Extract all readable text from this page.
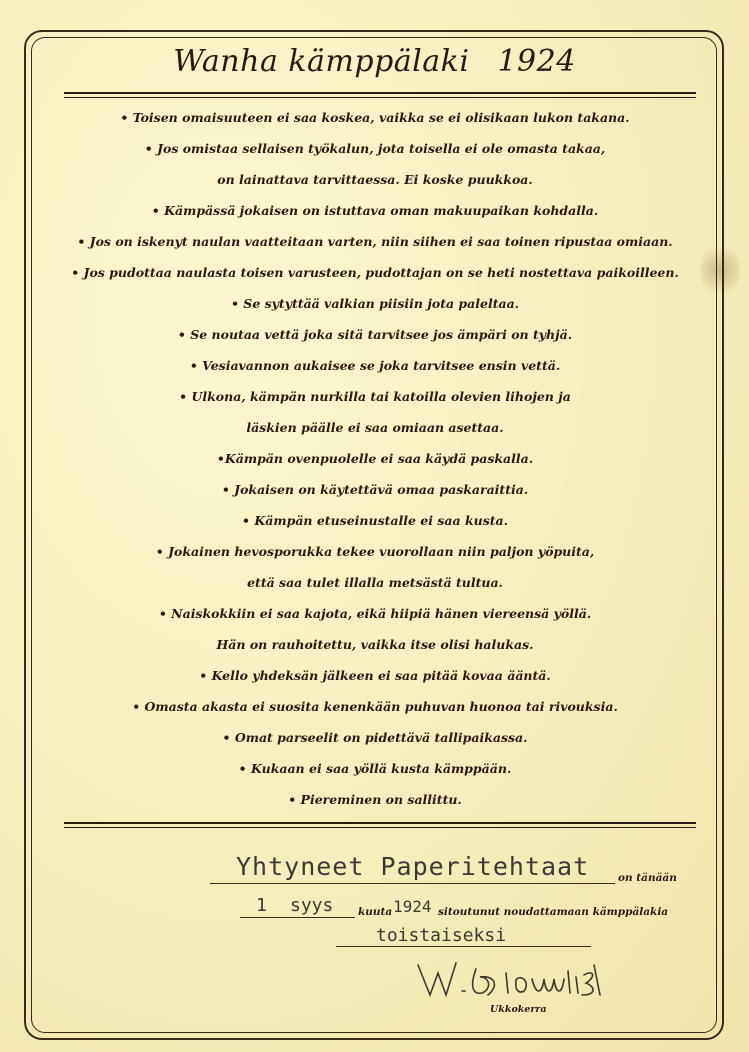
Wanha kämppälaki 1924
• Toisen omaisuuteen ei saa koskea, vaikka se ei olisikaan lukon takana.
• Jos omistaa sellaisen työkalun, jota toisella ei ole omasta takaa,
on lainattava tarvittaessa. Ei koske puukkoa.
• Kämpässä jokaisen on istuttava oman makuupaikan kohdalla.
• Jos on iskenyt naulan vaatteitaan varten, niin siihen ei saa toinen ripustaa omiaan.
• Jos pudottaa naulasta toisen varusteen, pudottajan on se heti nostettava paikoilleen.
• Se sytyttää valkian piisiin jota paleltaa.
• Se noutaa vettä joka sitä tarvitsee jos ämpäri on tyhjä.
• Vesiavannon aukaisee se joka tarvitsee ensin vettä.
• Ulkona, kämpän nurkilla tai katoilla olevien lihojen ja
läskien päälle ei saa omiaan asettaa.
•Kämpän ovenpuolelle ei saa käydä paskalla.
• Jokaisen on käytettävä omaa paskaraittia.
• Kämpän etuseinustalle ei saa kusta.
• Jokainen hevosporukka tekee vuorollaan niin paljon yöpuita,
että saa tulet illalla metsästä tultua.
• Naiskokkiin ei saa kajota, eikä hiipiä hänen viereensä yöllä.
Hän on rauhoitettu, vaikka itse olisi halukas.
• Kello yhdeksän jälkeen ei saa pitää kovaa ääntä.
• Omasta akasta ei suosita kenenkään puhuvan huonoa tai rivouksia.
• Omat parseelit on pidettävä tallipaikassa.
• Kukaan ei saa yöllä kusta kämppään.
• Piereminen on sallittu.
Yhtyneet Paperitehtaat	on tänään
1 syys kuuta 1924 sitoutunut noudattamaan kämppälakia
toistaiseksi
Ukkokerra
